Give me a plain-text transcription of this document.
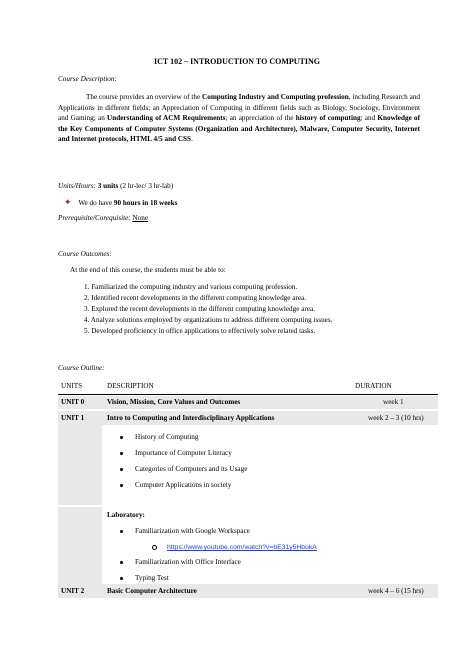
ICT 102 – INTRODUCTION TO COMPUTING
Course Description:
The course provides an overview of the Computing Industry and Computing profession, including Research and Applications in different fields; an Appreciation of Computing in different fields such as Biology, Sociology, Environment and Gaming; an Understanding of ACM Requirements; an appreciation of the history of computing; and Knowledge of the Key Components of Computer Systems (Organization and Architecture), Malware, Computer Security, Internet and Internet protocols, HTML 4/5 and CSS.
Units/Hours: 3 units (2 hr-lec/ 3 hr-lab)
✦ We do have 90 hours in 18 weeks
Prerequisite/Corequisite: None
Course Outcomes:
At the end of this course, the students must be able to:
1. Familiarized the computing industry and various computing profession.
2. Identified recent developments in the different computing knowledge area.
3. Explored the recent developments in the different computing knowledge area.
4. Analyze solutions employed by organizations to address different computing issues.
5. Developed proficiency in office applications to effectively solve related tasks.
Course Outline:
UNITS	DESCRIPTION	DURATION
UNIT 0	Vision, Mission, Core Values and Outcomes	week 1
UNIT 1	Intro to Computing and Interdisciplinary Applications	week 2 – 3 (10 hrs)
History of Computing
Importance of Computer Literacy
Categories of Computers and its Usage
Computer Applications in society
Laboratory:
Familiarization with Google Workspace
https://www.youtube.com/watch?v=bE31y5HbukA
Familiarization with Office Interface
Typing Test
UNIT 2	Basic Computer Architecture	week 4 – 6 (15 hrs)
